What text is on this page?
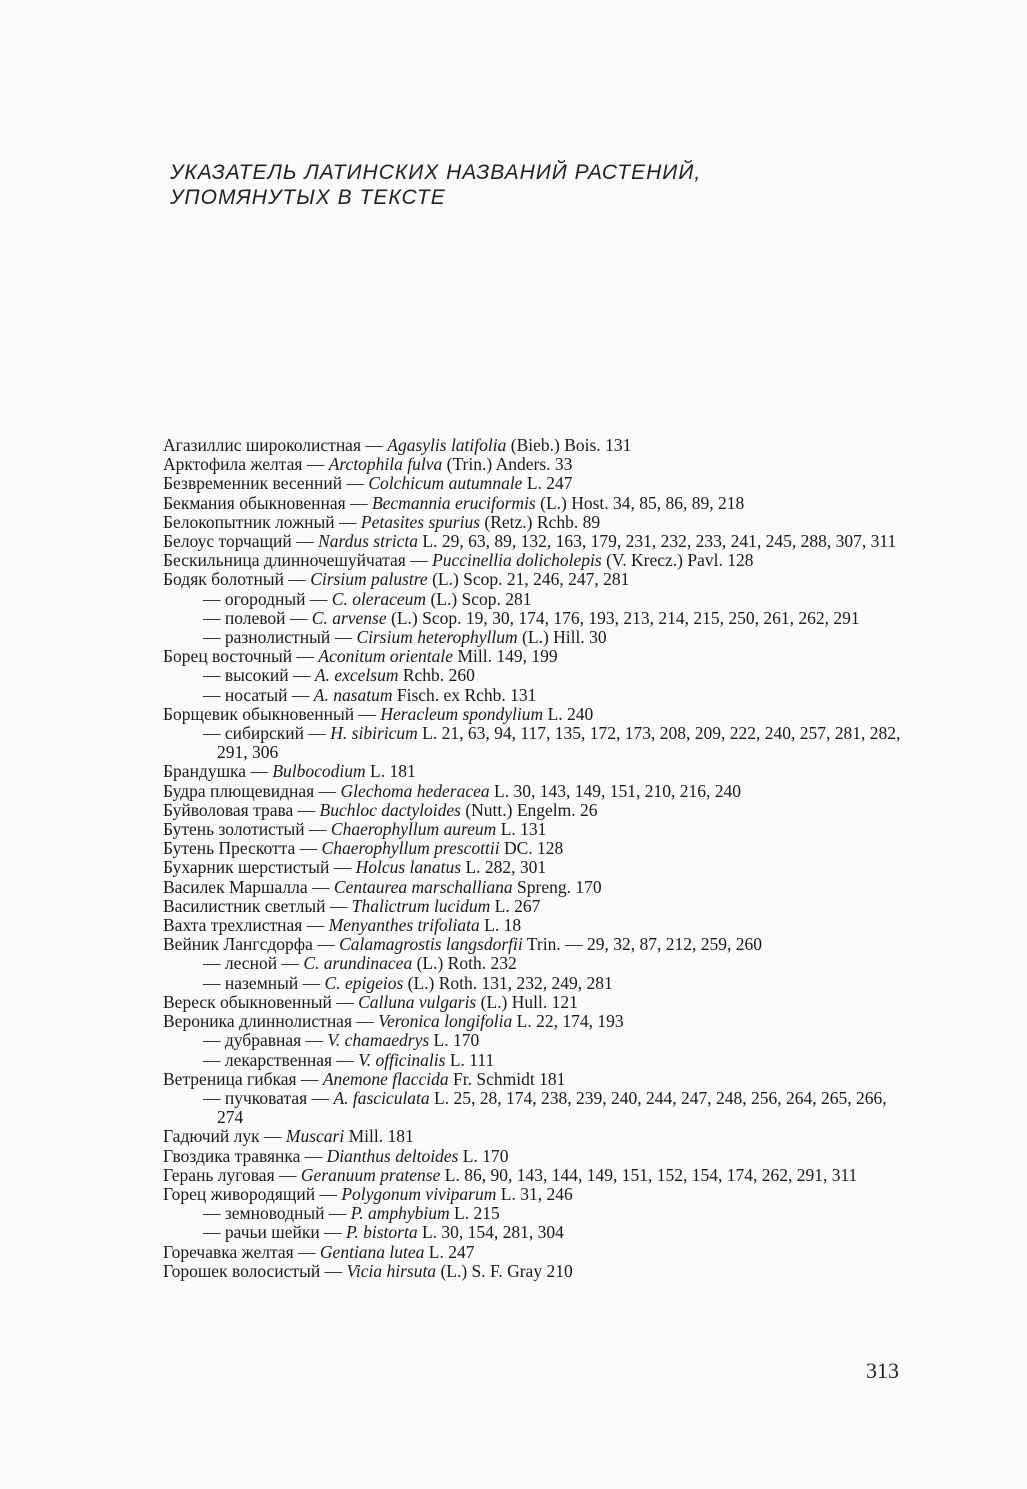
УКАЗАТЕЛЬ ЛАТИНСКИХ НАЗВАНИЙ РАСТЕНИЙ,
УПОМЯНУТЫХ В ТЕКСТЕ
Агазиллис широколистная — Agasylis latifolia (Bieb.) Bois. 131
Арктофила желтая — Arctophila fulva (Trin.) Anders. 33
Безвременник весенний — Colchicum autumnale L. 247
Бекмания обыкновенная — Becmannia eruciformis (L.) Host. 34, 85, 86, 89, 218
Белокопытник ложный — Petasites spurius (Retz.) Rchb. 89
Белоус торчащий — Nardus stricta L. 29, 63, 89, 132, 163, 179, 231, 232, 233, 241, 245, 288, 307, 311
Бескильница длинночешуйчатая — Puccinellia dolicholepis (V. Krecz.) Pavl. 128
Бодяк болотный — Cirsium palustre (L.) Scop. 21, 246, 247, 281
— огородный — C. oleraceum (L.) Scop. 281
— полевой — C. arvense (L.) Scop. 19, 30, 174, 176, 193, 213, 214, 215, 250, 261, 262, 291
— разнолистный — Cirsium heterophyllum (L.) Hill. 30
Борец восточный — Aconitum orientale Mill. 149, 199
— высокий — A. excelsum Rchb. 260
— носатый — A. nasatum Fisch. ex Rchb. 131
Борщевик обыкновенный — Heracleum spondylium L. 240
— сибирский — H. sibiricum L. 21, 63, 94, 117, 135, 172, 173, 208, 209, 222, 240, 257, 281, 282, 291, 306
Брандушка — Bulbocodium L. 181
Будра плющевидная — Glechoma hederacea L. 30, 143, 149, 151, 210, 216, 240
Буйволовая трава — Buchloc dactyloides (Nutt.) Engelm. 26
Бутень золотистый — Chaerophyllum aureum L. 131
Бутень Прескотта — Chaerophyllum prescottii DC. 128
Бухарник шерстистый — Holcus lanatus L. 282, 301
Василек Маршалла — Centaurea marschalliana Spreng. 170
Василистник светлый — Thalictrum lucidum L. 267
Вахта трехлистная — Menyanthes trifoliata L. 18
Вейник Лангсдорфа — Calamagrostis langsdorfii Trin. — 29, 32, 87, 212, 259, 260
— лесной — C. arundinacea (L.) Roth. 232
— наземный — C. epigeios (L.) Roth. 131, 232, 249, 281
Вереск обыкновенный — Calluna vulgaris (L.) Hull. 121
Вероника длиннолистная — Veronica longifolia L. 22, 174, 193
— дубравная — V. chamaedrys L. 170
— лекарственная — V. officinalis L. 111
Ветреница гибкая — Anemone flaccida Fr. Schmidt 181
— пучковатая — A. fasciculata L. 25, 28, 174, 238, 239, 240, 244, 247, 248, 256, 264, 265, 266, 274
Гадючий лук — Muscari Mill. 181
Гвоздика травянка — Dianthus deltoides L. 170
Герань луговая — Geranuum pratense L. 86, 90, 143, 144, 149, 151, 152, 154, 174, 262, 291, 311
Горец живородящий — Polygonum viviparum L. 31, 246
— земноводный — P. amphybium L. 215
— рачьи шейки — P. bistorta L. 30, 154, 281, 304
Горечавка желтая — Gentiana lutea L. 247
Горошек волосистый — Vicia hirsuta (L.) S. F. Gray 210
313
